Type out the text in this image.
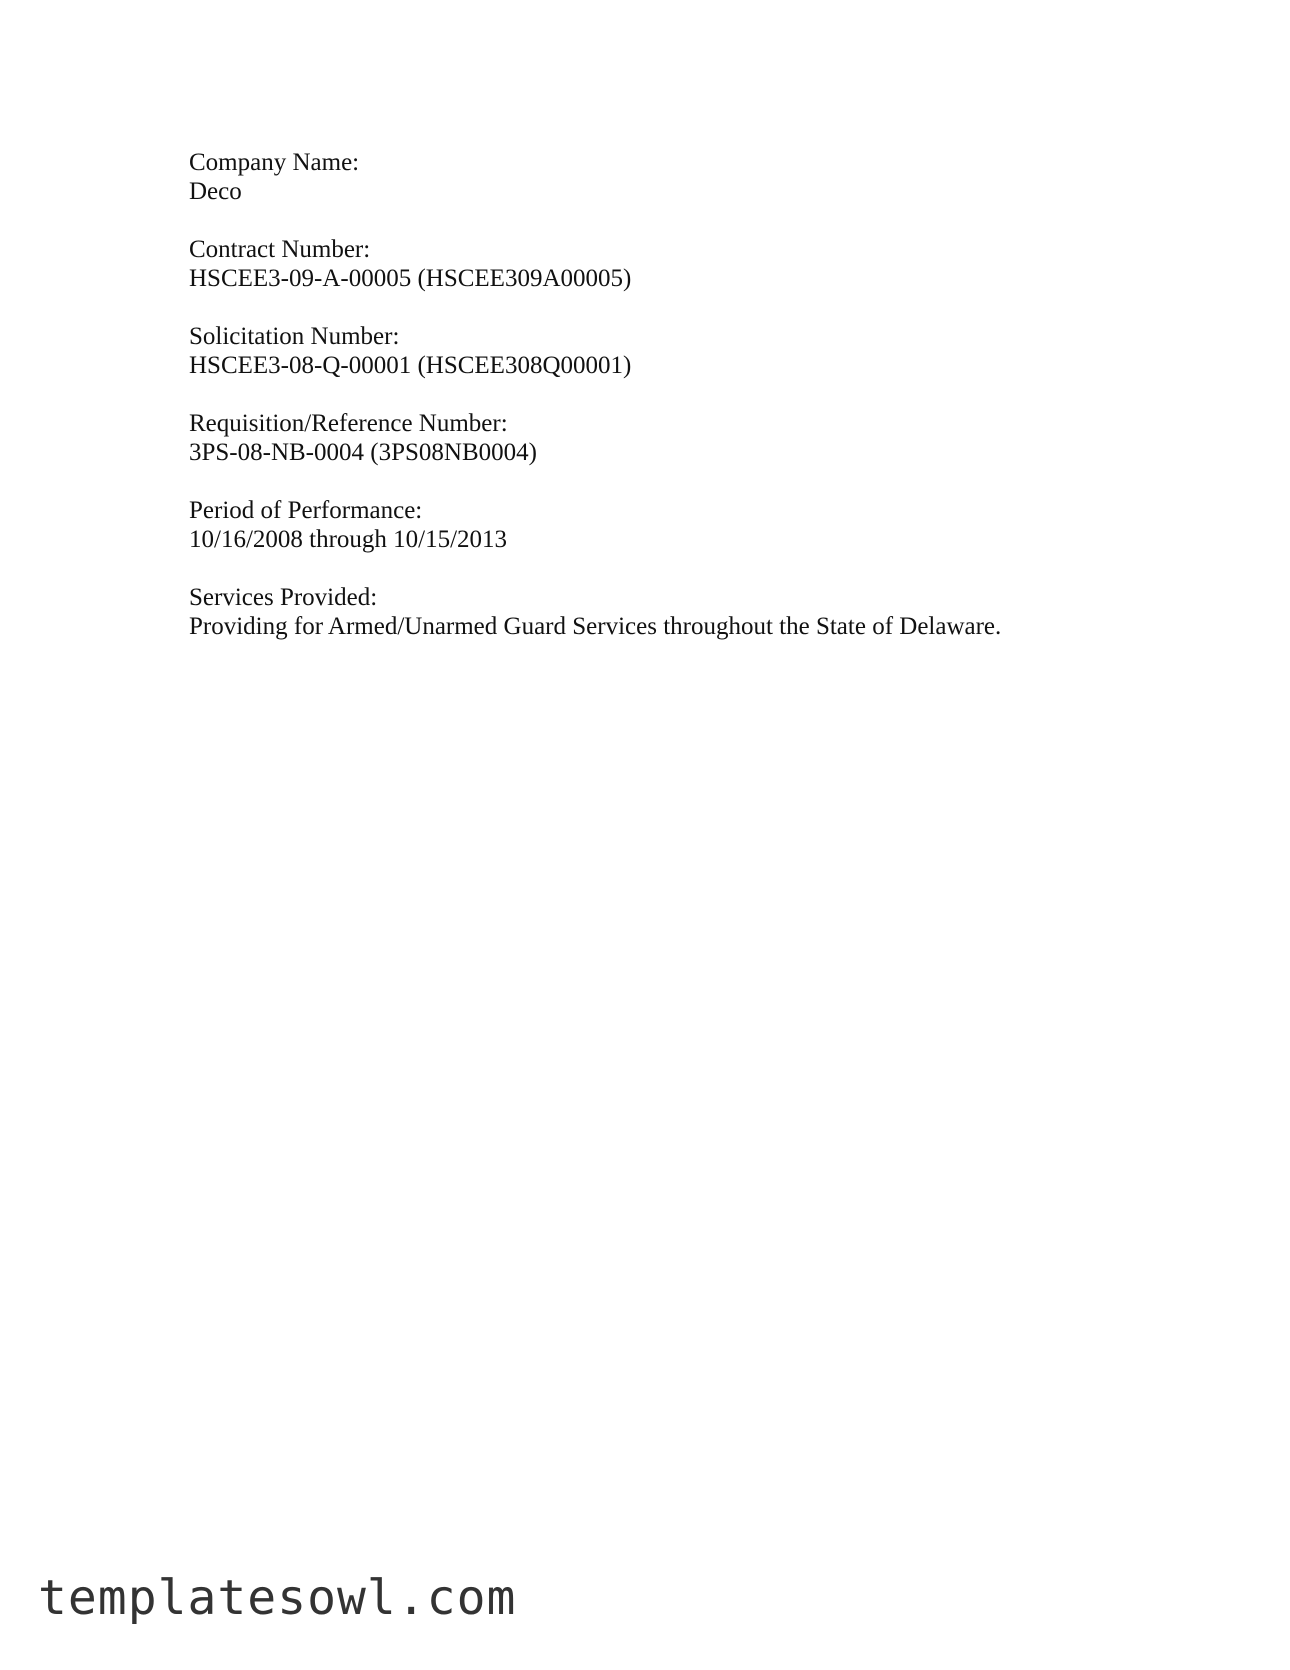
Company Name:
Deco
Contract Number:
HSCEE3-09-A-00005 (HSCEE309A00005)
Solicitation Number:
HSCEE3-08-Q-00001 (HSCEE308Q00001)
Requisition/Reference Number:
3PS-08-NB-0004 (3PS08NB0004)
Period of Performance:
10/16/2008 through 10/15/2013
Services Provided:
Providing for Armed/Unarmed Guard Services throughout the State of Delaware.
templatesowl.com
